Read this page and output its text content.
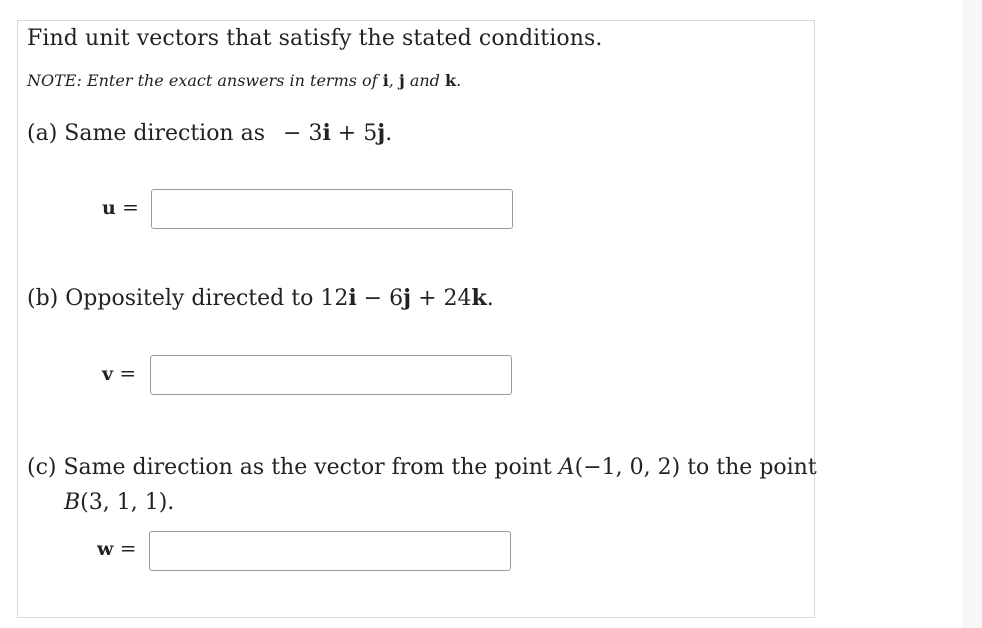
Find unit vectors that satisfy the stated conditions.
NOTE: Enter the exact answers in terms of i, j and k.
(a) Same direction as − 3i + 5j.
u =
(b) Oppositely directed to 12i − 6j + 24k.
v =
(c) Same direction as the vector from the point A(−1, 0, 2) to the point
B(3, 1, 1).
w =
